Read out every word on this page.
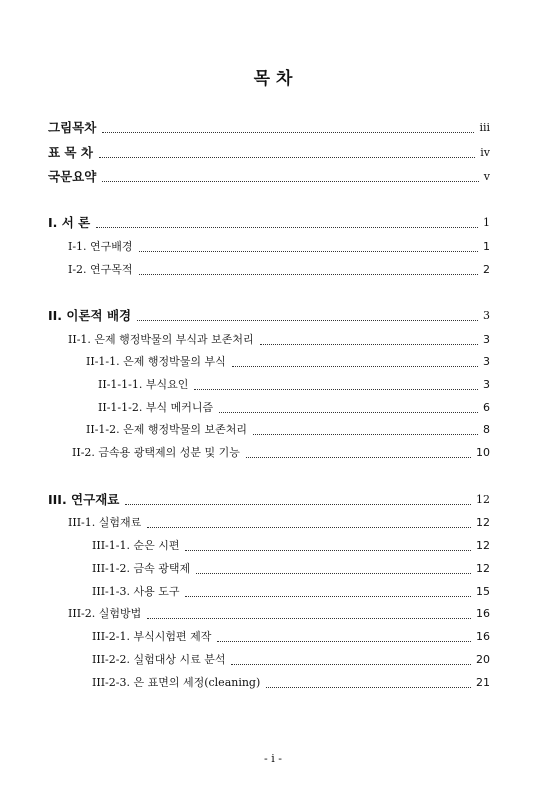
목 차
그림목차	iii
표 목 차	iv
국문요약	v
I. 서 론	1
I-1. 연구배경	1
I-2. 연구목적	2
II. 이론적 배경	3
II-1. 은제 행정박물의 부식과 보존처리	3
II-1-1. 은제 행정박물의 부식	3
II-1-1-1. 부식요인	3
II-1-1-2. 부식 메커니즘	6
II-1-2. 은제 행정박물의 보존처리	8
II-2. 금속용 광택제의 성분 및 기능	10
III. 연구재료	12
III-1. 실험재료	12
III-1-1. 순은 시편	12
III-1-2. 금속 광택제	12
III-1-3. 사용 도구	15
III-2. 실험방법	16
III-2-1. 부식시험편 제작	16
III-2-2. 실험대상 시료 분석	20
III-2-3. 은 표면의 세정(cleaning)	21
- i -
